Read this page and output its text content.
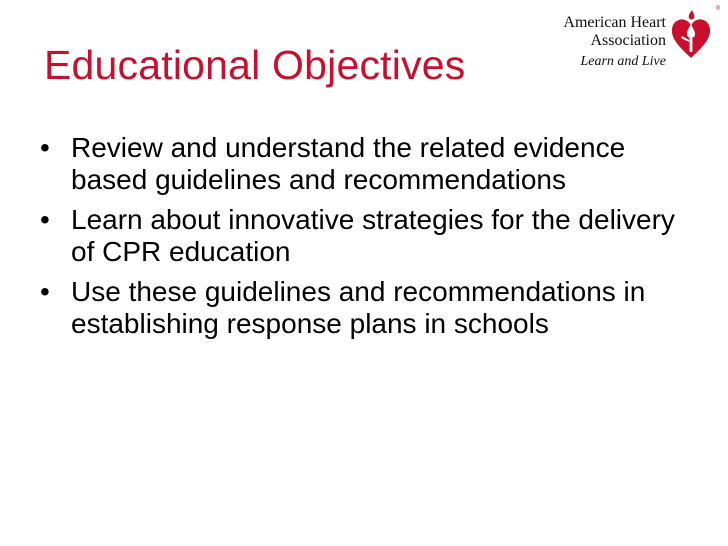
Educational Objectives
American Heart
Association
Learn and Live
®
• Review and understand the related evidence based guidelines and recommendations
• Learn about innovative strategies for the delivery of CPR education
• Use these guidelines and recommendations in establishing response plans in schools
